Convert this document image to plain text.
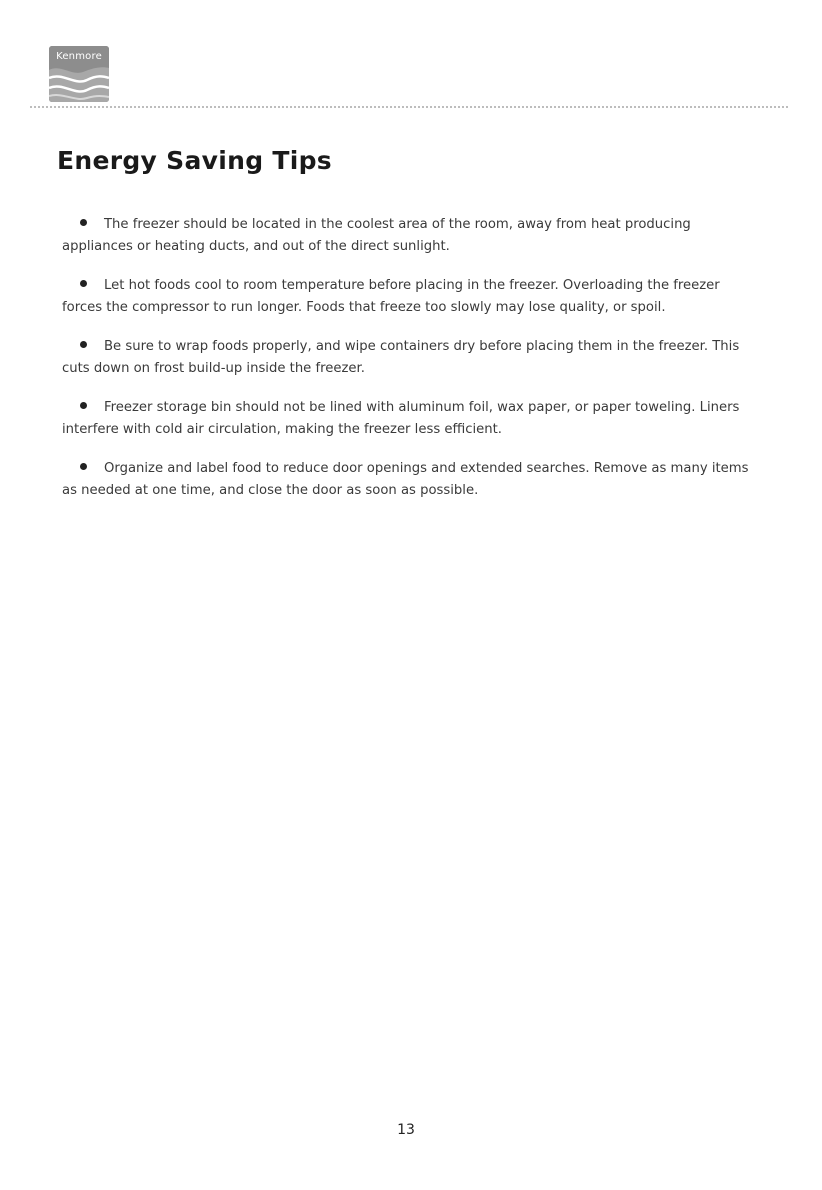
Kenmore
Energy Saving Tips
The freezer should be located in the coolest area of the room, away from heat producing appliances or heating ducts, and out of the direct sunlight.
Let hot foods cool to room temperature before placing in the freezer. Overloading the freezer forces the compressor to run longer. Foods that freeze too slowly may lose quality, or spoil.
Be sure to wrap foods properly, and wipe containers dry before placing them in the freezer. This cuts down on frost build-up inside the freezer.
Freezer storage bin should not be lined with aluminum foil, wax paper, or paper toweling. Liners interfere with cold air circulation, making the freezer less efficient.
Organize and label food to reduce door openings and extended searches. Remove as many items as needed at one time, and close the door as soon as possible.
13
